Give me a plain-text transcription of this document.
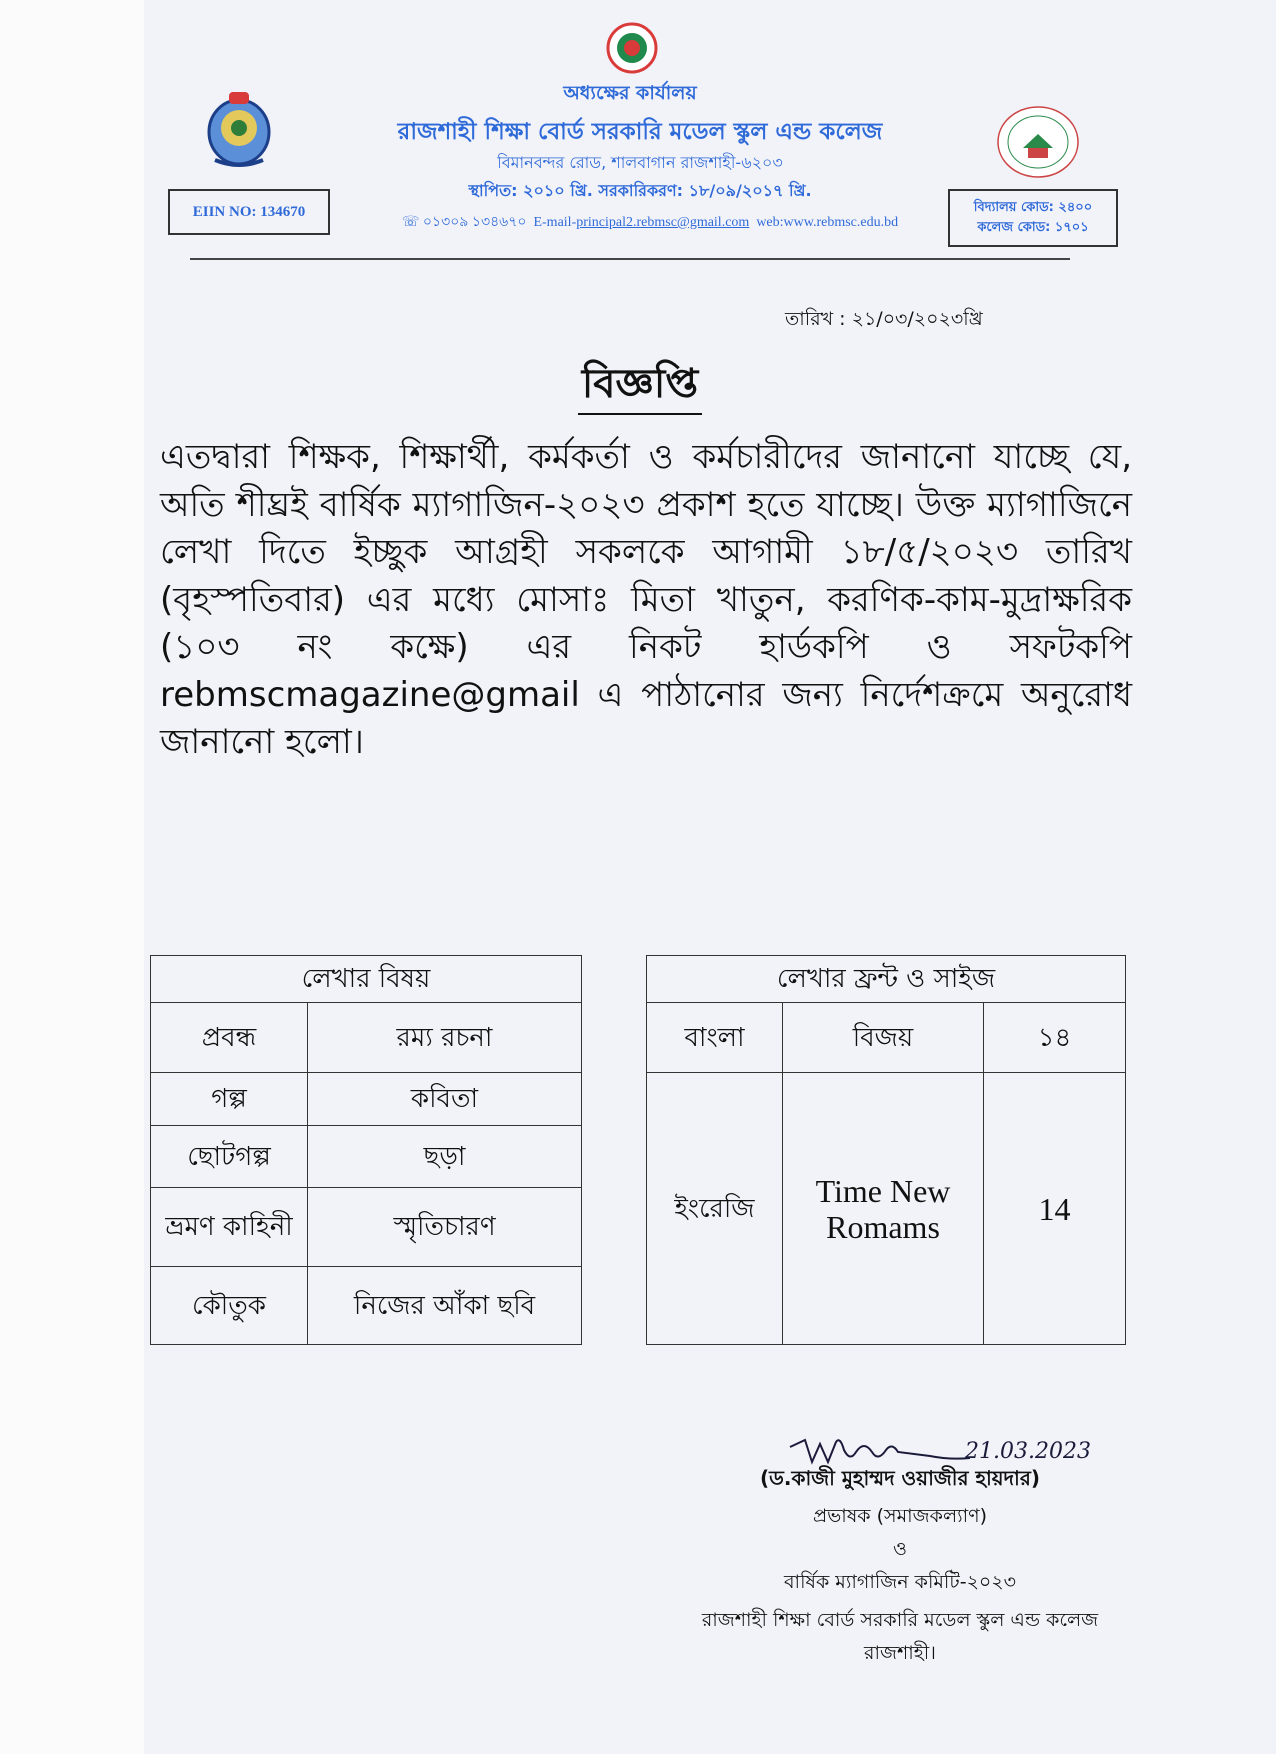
অধ্যক্ষের কার্যালয়
রাজশাহী শিক্ষা বোর্ড সরকারি মডেল স্কুল এন্ড কলেজ
বিমানবন্দর রোড, শালবাগান রাজশাহী-৬২০৩
স্থাপিত: ২০১০ খ্রি. সরকারিকরণ: ১৮/০৯/২০১৭ খ্রি.
☏ ০১৩০৯ ১৩৪৬৭০ E-mail-principal2.rebmsc@gmail.com web:www.rebmsc.edu.bd
EIIN NO: 134670	বিদ্যালয় কোড: ২৪০০
কলেজ কোড: ১৭০১
তারিখ : ২১/০৩/২০২৩খ্রি
বিজ্ঞপ্তি
এতদ্বারা শিক্ষক, শিক্ষার্থী, কর্মকর্তা ও কর্মচারীদের জানানো যাচ্ছে যে, অতি শীঘ্রই বার্ষিক ম্যাগাজিন-২০২৩ প্রকাশ হতে যাচ্ছে। উক্ত ম্যাগাজিনে লেখা দিতে ইচ্ছুক আগ্রহী সকলকে আগামী ১৮/৫/২০২৩ তারিখ (বৃহস্পতিবার) এর মধ্যে মোসাঃ মিতা খাতুন, করণিক-কাম-মুদ্রাক্ষরিক (১০৩ নং কক্ষে) এর নিকট হার্ডকপি ও সফটকপি rebmscmagazine@gmail এ পাঠানোর জন্য নির্দেশক্রমে অনুরোধ জানানো হলো।
লেখার বিষয়	
প্রবন্ধ	রম্য রচনা
গল্প	কবিতা
ছোটগল্প	ছড়া
ভ্রমণ কাহিনী	স্মৃতিচারণ
কৌতুক	নিজের আঁকা ছবি
লেখার ফ্রন্ট ও সাইজ		
বাংলা	বিজয়	১৪
ইংরেজি	Time New Romams	14
21.03.2023
(ড.কাজী মুহাম্মদ ওয়াজীর হায়দার)
প্রভাষক (সমাজকল্যাণ)
ও
বার্ষিক ম্যাগাজিন কমিটি-২০২৩
রাজশাহী শিক্ষা বোর্ড সরকারি মডেল স্কুল এন্ড কলেজ
রাজশাহী।
